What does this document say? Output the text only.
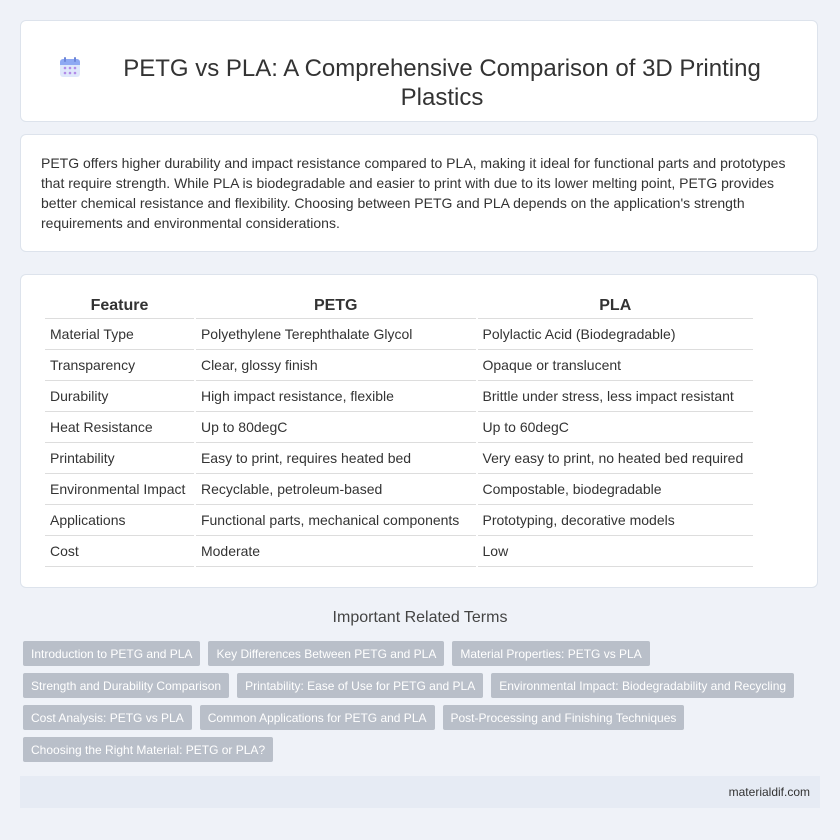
PETG vs PLA: A Comprehensive Comparison of 3D Printing Plastics

PETG offers higher durability and impact resistance compared to PLA, making it ideal for functional parts and prototypes that require strength. While PLA is biodegradable and easier to print with due to its lower melting point, PETG provides better chemical resistance and flexibility. Choosing between PETG and PLA depends on the application's strength requirements and environmental considerations.

Feature	PETG	PLA
Material Type	Polyethylene Terephthalate Glycol	Polylactic Acid (Biodegradable)
Transparency	Clear, glossy finish	Opaque or translucent
Durability	High impact resistance, flexible	Brittle under stress, less impact resistant
Heat Resistance	Up to 80degC	Up to 60degC
Printability	Easy to print, requires heated bed	Very easy to print, no heated bed required
Environmental Impact	Recyclable, petroleum-based	Compostable, biodegradable
Applications	Functional parts, mechanical components	Prototyping, decorative models
Cost	Moderate	Low
Important Related Terms
Introduction to PETG and PLA	Key Differences Between PETG and PLA	Material Properties: PETG vs PLA
Strength and Durability Comparison	Printability: Ease of Use for PETG and PLA	Environmental Impact: Biodegradability and Recycling
Cost Analysis: PETG vs PLA	Common Applications for PETG and PLA	Post-Processing and Finishing Techniques
Choosing the Right Material: PETG or PLA?
materialdif.com
